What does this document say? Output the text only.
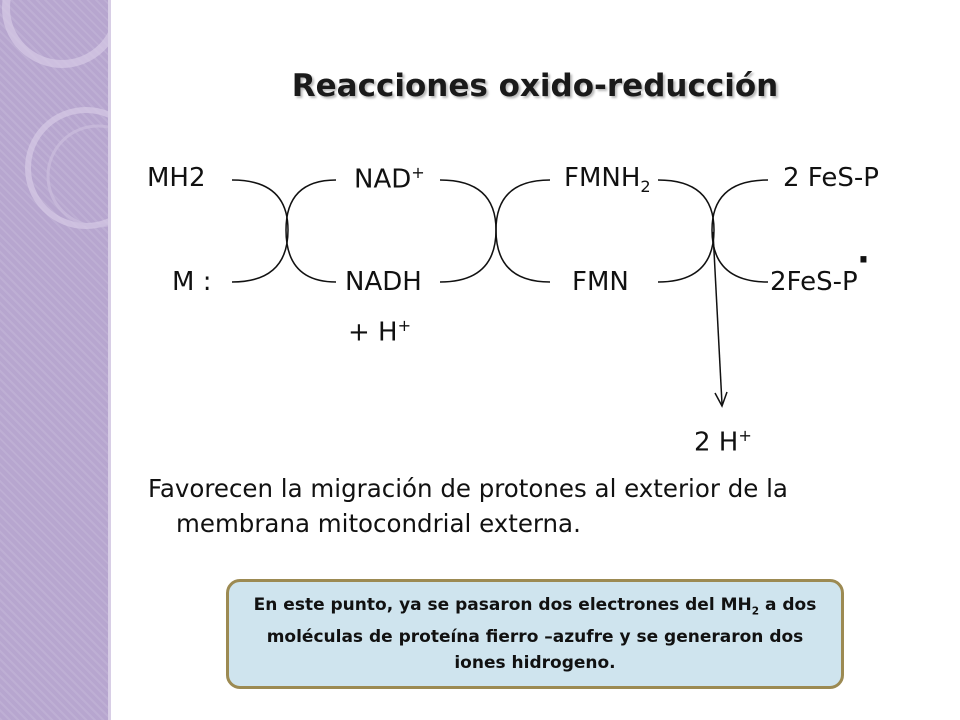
Reacciones oxido-reducción
MH2	NAD+	$FMNH_2$	2 FeS-P
M :	NADH	FMN	2FeS-P
·
+ H+
2 H+
Favorecen la migración de protones al exterior de la membrana mitocondrial externa.
En este punto, ya se pasaron dos electrones del $MH_2$ a dos moléculas de proteína fierro –azufre y se generaron dos iones hidrogeno.
